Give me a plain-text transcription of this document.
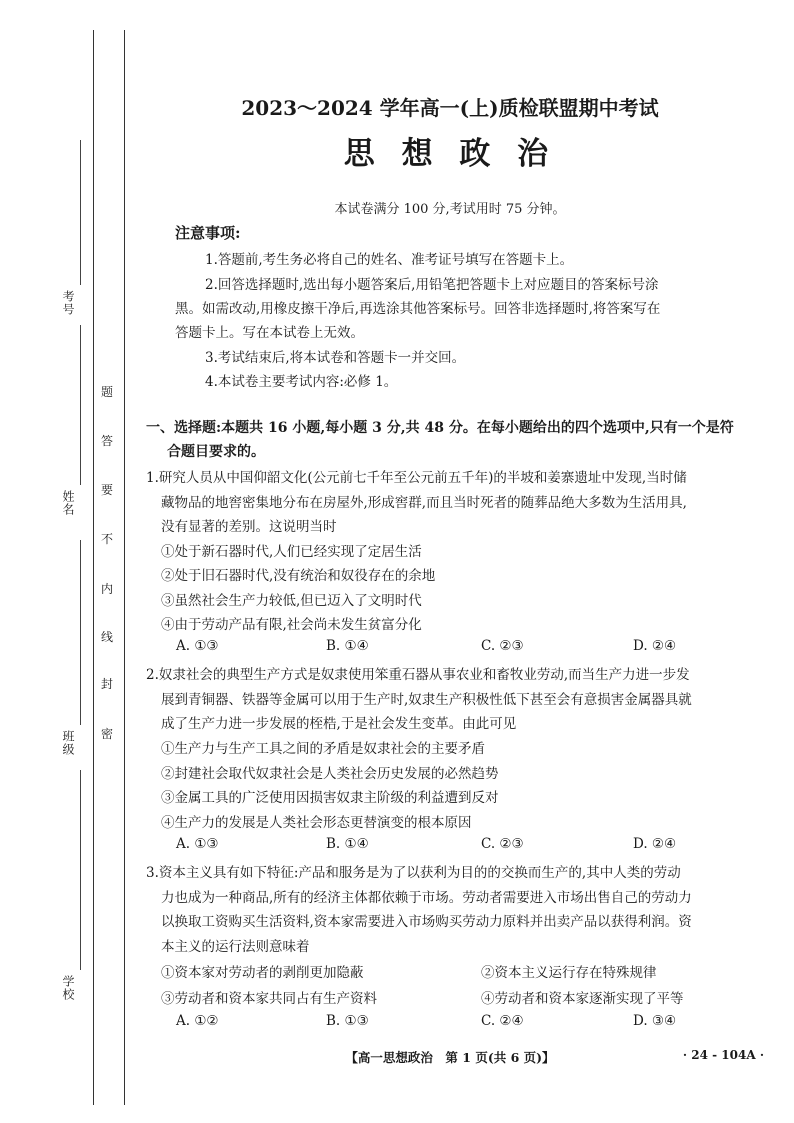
考号
姓名
班级
学校
密
封
线
内
不
要
答
题
2023～2024 学年高一(上)质检联盟期中考试
思 想 政 治
本试卷满分 100 分,考试用时 75 分钟。
注意事项:
1.答题前,考生务必将自己的姓名、准考证号填写在答题卡上。
2.回答选择题时,选出每小题答案后,用铅笔把答题卡上对应题目的答案标号涂
黑。如需改动,用橡皮擦干净后,再选涂其他答案标号。回答非选择题时,将答案写在
答题卡上。写在本试卷上无效。
3.考试结束后,将本试卷和答题卡一并交回。
4.本试卷主要考试内容:必修 1。
一、选择题:本题共 16 小题,每小题 3 分,共 48 分。在每小题给出的四个选项中,只有一个是符
合题目要求的。
1.研究人员从中国仰韶文化(公元前七千年至公元前五千年)的半坡和姜寨遗址中发现,当时储
藏物品的地窖密集地分布在房屋外,形成窖群,而且当时死者的随葬品绝大多数为生活用具,
没有显著的差别。这说明当时
①处于新石器时代,人们已经实现了定居生活
②处于旧石器时代,没有统治和奴役存在的余地
③虽然社会生产力较低,但已迈入了文明时代
④由于劳动产品有限,社会尚未发生贫富分化
A. ①③	B. ①④	C. ②③	D. ②④
2.奴隶社会的典型生产方式是奴隶使用笨重石器从事农业和畜牧业劳动,而当生产力进一步发
展到青铜器、铁器等金属可以用于生产时,奴隶生产积极性低下甚至会有意损害金属器具就
成了生产力进一步发展的桎梏,于是社会发生变革。由此可见
①生产力与生产工具之间的矛盾是奴隶社会的主要矛盾
②封建社会取代奴隶社会是人类社会历史发展的必然趋势
③金属工具的广泛使用因损害奴隶主阶级的利益遭到反对
④生产力的发展是人类社会形态更替演变的根本原因
A. ①③	B. ①④	C. ②③	D. ②④
3.资本主义具有如下特征:产品和服务是为了以获利为目的的交换而生产的,其中人类的劳动
力也成为一种商品,所有的经济主体都依赖于市场。劳动者需要进入市场出售自己的劳动力
以换取工资购买生活资料,资本家需要进入市场购买劳动力原料并出卖产品以获得利润。资
本主义的运行法则意味着
①资本家对劳动者的剥削更加隐蔽	②资本主义运行存在特殊规律
③劳动者和资本家共同占有生产资料	④劳动者和资本家逐渐实现了平等
A. ①②	B. ①③	C. ②④	D. ③④
【高一思想政治　第 1 页(共 6 页)】	· 24 - 104A ·
